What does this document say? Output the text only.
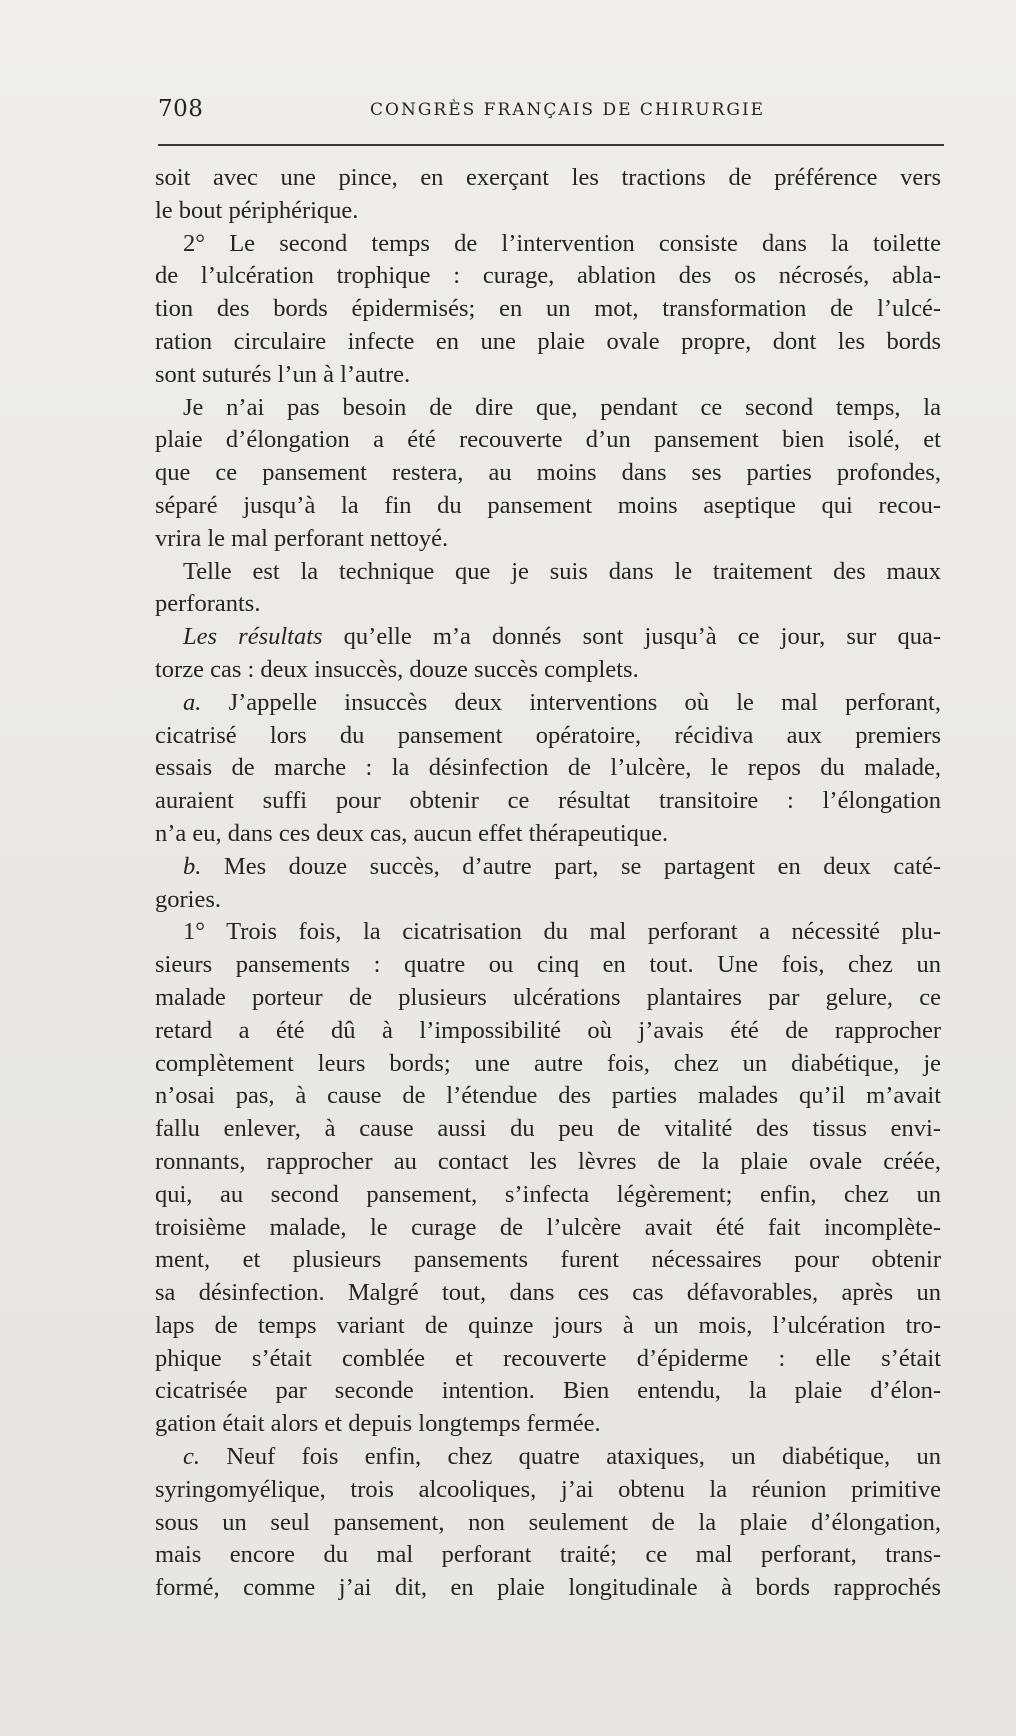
708	CONGRÈS FRANÇAIS DE CHIRURGIE
soit avec une pince, en exerçant les tractions de préférence vers
le bout périphérique.
2° Le second temps de l’intervention consiste dans la toilette
de l’ulcération trophique : curage, ablation des os nécrosés, abla-
tion des bords épidermisés; en un mot, transformation de l’ulcé-
ration circulaire infecte en une plaie ovale propre, dont les bords
sont suturés l’un à l’autre.
Je n’ai pas besoin de dire que, pendant ce second temps, la
plaie d’élongation a été recouverte d’un pansement bien isolé, et
que ce pansement restera, au moins dans ses parties profondes,
séparé jusqu’à la fin du pansement moins aseptique qui recou-
vrira le mal perforant nettoyé.
Telle est la technique que je suis dans le traitement des maux
perforants.
Les résultats qu’elle m’a donnés sont jusqu’à ce jour, sur qua-
torze cas : deux insuccès, douze succès complets.
a. J’appelle insuccès deux interventions où le mal perforant,
cicatrisé lors du pansement opératoire, récidiva aux premiers
essais de marche : la désinfection de l’ulcère, le repos du malade,
auraient suffi pour obtenir ce résultat transitoire : l’élongation
n’a eu, dans ces deux cas, aucun effet thérapeutique.
b. Mes douze succès, d’autre part, se partagent en deux caté-
gories.
1° Trois fois, la cicatrisation du mal perforant a nécessité plu-
sieurs pansements : quatre ou cinq en tout. Une fois, chez un
malade porteur de plusieurs ulcérations plantaires par gelure, ce
retard a été dû à l’impossibilité où j’avais été de rapprocher
complètement leurs bords; une autre fois, chez un diabétique, je
n’osai pas, à cause de l’étendue des parties malades qu’il m’avait
fallu enlever, à cause aussi du peu de vitalité des tissus envi-
ronnants, rapprocher au contact les lèvres de la plaie ovale créée,
qui, au second pansement, s’infecta légèrement; enfin, chez un
troisième malade, le curage de l’ulcère avait été fait incomplète-
ment, et plusieurs pansements furent nécessaires pour obtenir
sa désinfection. Malgré tout, dans ces cas défavorables, après un
laps de temps variant de quinze jours à un mois, l’ulcération tro-
phique s’était comblée et recouverte d’épiderme : elle s’était
cicatrisée par seconde intention. Bien entendu, la plaie d’élon-
gation était alors et depuis longtemps fermée.
c. Neuf fois enfin, chez quatre ataxiques, un diabétique, un
syringomyélique, trois alcooliques, j’ai obtenu la réunion primitive
sous un seul pansement, non seulement de la plaie d’élongation,
mais encore du mal perforant traité; ce mal perforant, trans-
formé, comme j’ai dit, en plaie longitudinale à bords rapprochés
